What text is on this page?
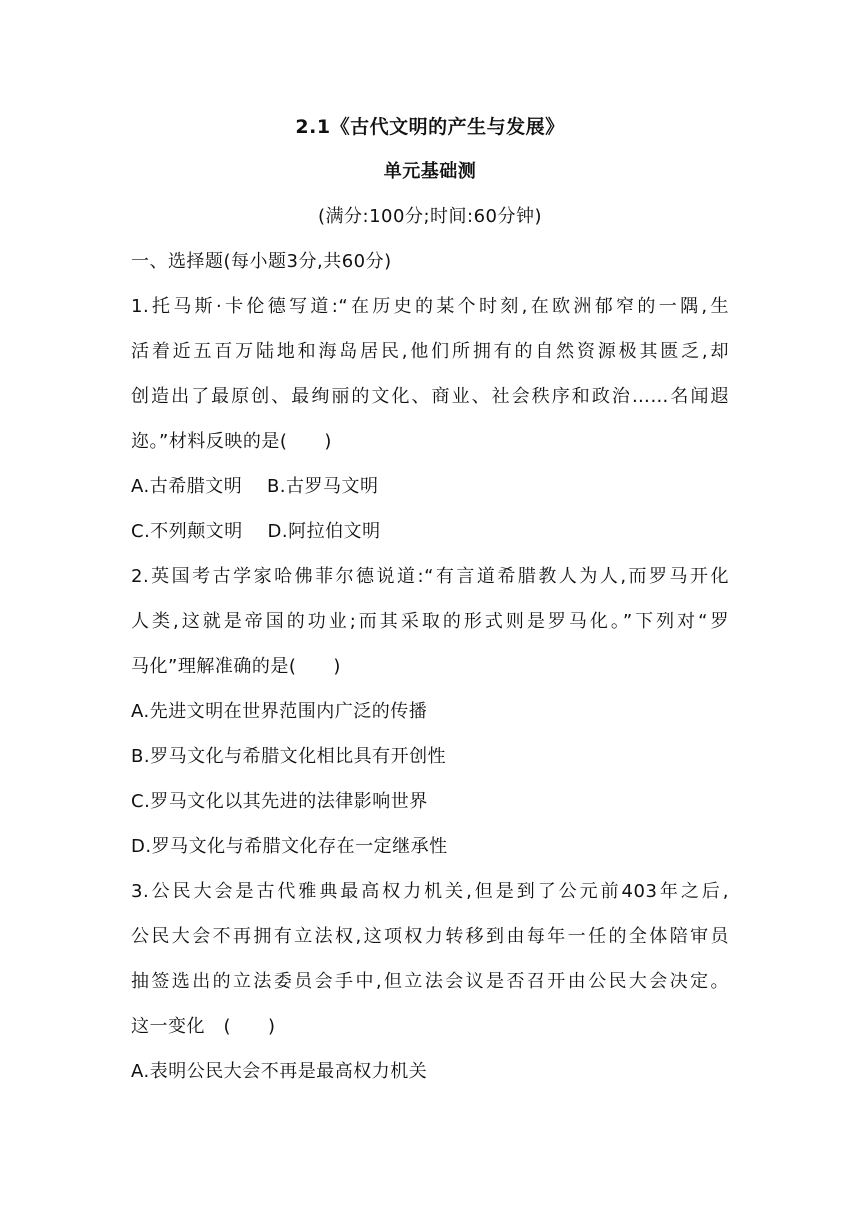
2.1《古代文明的产生与发展》
单元基础测
(满分:100分;时间:60分钟)
一、选择题(每小题3分,共60分)
1.托马斯·卡伦德写道:“在历史的某个时刻,在欧洲郁窄的一隅,生
活着近五百万陆地和海岛居民,他们所拥有的自然资源极其匮乏,却
创造出了最原创、最绚丽的文化、商业、社会秩序和政治……名闻遐
迩。”材料反映的是(　　)
A.古希腊文明　 B.古罗马文明
C.不列颠文明　 D.阿拉伯文明
2.英国考古学家哈佛菲尔德说道:“有言道希腊教人为人,而罗马开化
人类,这就是帝国的功业;而其采取的形式则是罗马化。”下列对“罗
马化”理解准确的是(　　)
A.先进文明在世界范围内广泛的传播
B.罗马文化与希腊文化相比具有开创性
C.罗马文化以其先进的法律影响世界
D.罗马文化与希腊文化存在一定继承性
3.公民大会是古代雅典最高权力机关,但是到了公元前403年之后,
公民大会不再拥有立法权,这项权力转移到由每年一任的全体陪审员
抽签选出的立法委员会手中,但立法会议是否召开由公民大会决定。
这一变化　(　　)
A.表明公民大会不再是最高权力机关
